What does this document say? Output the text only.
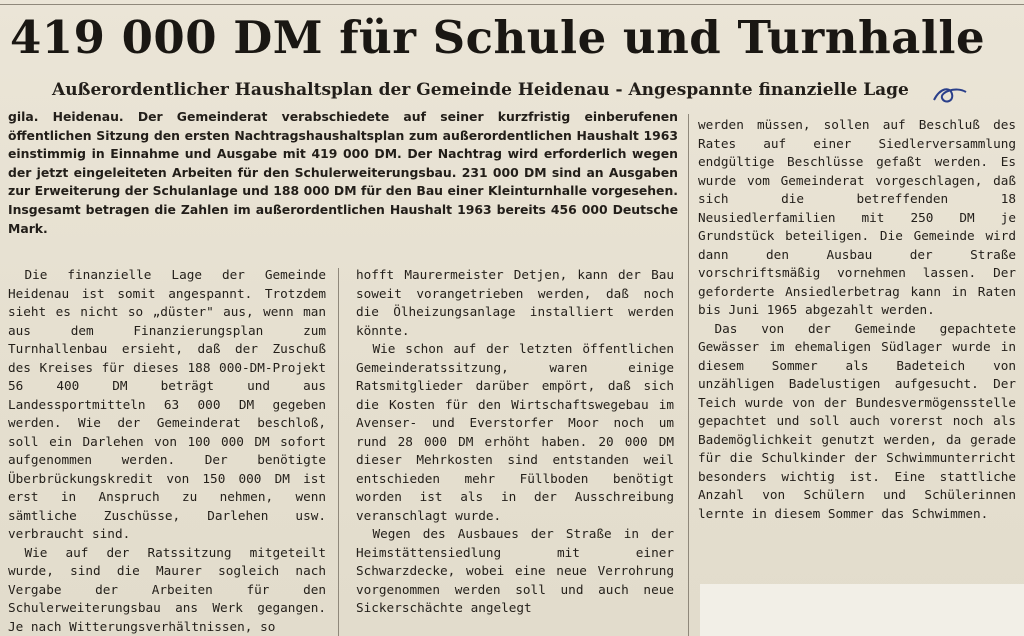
419 000 DM für Schule und Turnhalle
Außerordentlicher Haushaltsplan der Gemeinde Heidenau - Angespannte finanzielle Lage
gila. Heidenau. Der Gemeinderat verabschiedete auf seiner kurzfristig einberufenen öffentlichen Sitzung den ersten Nachtragshaushaltsplan zum außerordentlichen Haushalt 1963 einstimmig in Einnahme und Ausgabe mit 419 000 DM. Der Nachtrag wird erforderlich wegen der jetzt eingeleiteten Arbeiten für den Schulerweiterungsbau. 231 000 DM sind an Ausgaben zur Erweiterung der Schulanlage und 188 000 DM für den Bau einer Kleinturnhalle vorgesehen. Insgesamt betragen die Zahlen im außerordentlichen Haushalt 1963 bereits 456 000 Deutsche Mark.

Die finanzielle Lage der Gemeinde Heidenau ist somit angespannt. Trotzdem sieht es nicht so „düster" aus, wenn man aus dem Finanzierungsplan zum Turnhallenbau ersieht, daß der Zuschuß des Kreises für dieses 188 000-DM-Projekt 56 400 DM beträgt und aus Landessportmitteln 63 000 DM gegeben werden. Wie der Gemeinderat beschloß, soll ein Darlehen von 100 000 DM sofort aufgenommen werden. Der benötigte Überbrückungskredit von 150 000 DM ist erst in Anspruch zu nehmen, wenn sämtliche Zuschüsse, Darlehen usw. verbraucht sind.

Wie auf der Ratssitzung mitgeteilt wurde, sind die Maurer sogleich nach Vergabe der Arbeiten für den Schulerweiterungsbau ans Werk gegangen. Je nach Witterungsverhältnissen, so

hofft Maurermeister Detjen, kann der Bau soweit vorangetrieben werden, daß noch die Ölheizungsanlage installiert werden könnte.

Wie schon auf der letzten öffentlichen Gemeinderatssitzung, waren einige Ratsmitglieder darüber empört, daß sich die Kosten für den Wirtschaftswegebau im Avenser- und Everstorfer Moor noch um rund 28 000 DM erhöht haben. 20 000 DM dieser Mehrkosten sind entstanden weil entschieden mehr Füllboden benötigt worden ist als in der Ausschreibung veranschlagt wurde.

Wegen des Ausbaues der Straße in der Heimstättensiedlung mit einer Schwarzdecke, wobei eine neue Verrohrung vorgenommen werden soll und auch neue Sickerschächte angelegt

werden müssen, sollen auf Beschluß des Rates auf einer Siedlerversammlung endgültige Beschlüsse gefaßt werden. Es wurde vom Gemeinderat vorgeschlagen, daß sich die betreffenden 18 Neusiedlerfamilien mit 250 DM je Grundstück beteiligen. Die Gemeinde wird dann den Ausbau der Straße vorschriftsmäßig vornehmen lassen. Der geforderte Ansiedlerbetrag kann in Raten bis Juni 1965 abgezahlt werden.

Das von der Gemeinde gepachtete Gewässer im ehemaligen Südlager wurde in diesem Sommer als Badeteich von unzähligen Badelustigen aufgesucht. Der Teich wurde von der Bundesvermögensstelle gepachtet und soll auch vorerst noch als Bademöglichkeit genutzt werden, da gerade für die Schulkinder der Schwimmunterricht besonders wichtig ist. Eine stattliche Anzahl von Schülern und Schülerinnen lernte in diesem Sommer das Schwimmen.
